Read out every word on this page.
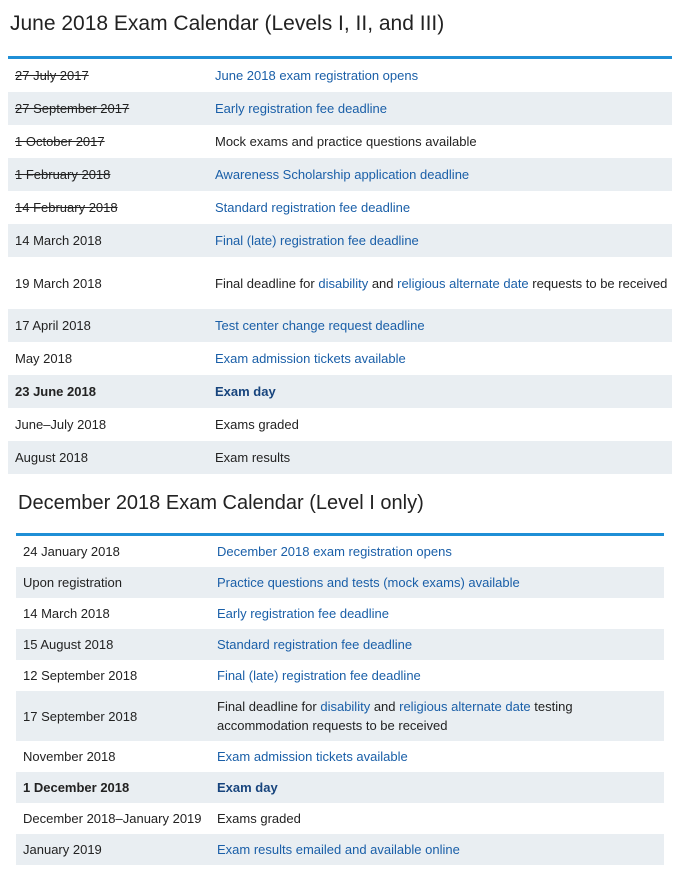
June 2018 Exam Calendar (Levels I, II, and III)
27 July 2017	June 2018 exam registration opens
27 September 2017	Early registration fee deadline
1 October 2017	Mock exams and practice questions available
1 February 2018	Awareness Scholarship application deadline
14 February 2018	Standard registration fee deadline
14 March 2018	Final (late) registration fee deadline
19 March 2018	Final deadline for disability and religious alternate date requests to be received
17 April 2018	Test center change request deadline
May 2018	Exam admission tickets available
23 June 2018	Exam day
June–July 2018	Exams graded
August 2018	Exam results
December 2018 Exam Calendar (Level I only)
24 January 2018	December 2018 exam registration opens
Upon registration	Practice questions and tests (mock exams) available
14 March 2018	Early registration fee deadline
15 August 2018	Standard registration fee deadline
12 September 2018	Final (late) registration fee deadline
17 September 2018	Final deadline for disability and religious alternate date testing accommodation requests to be received
November 2018	Exam admission tickets available
1 December 2018	Exam day
December 2018–January 2019	Exams graded
January 2019	Exam results emailed and available online
